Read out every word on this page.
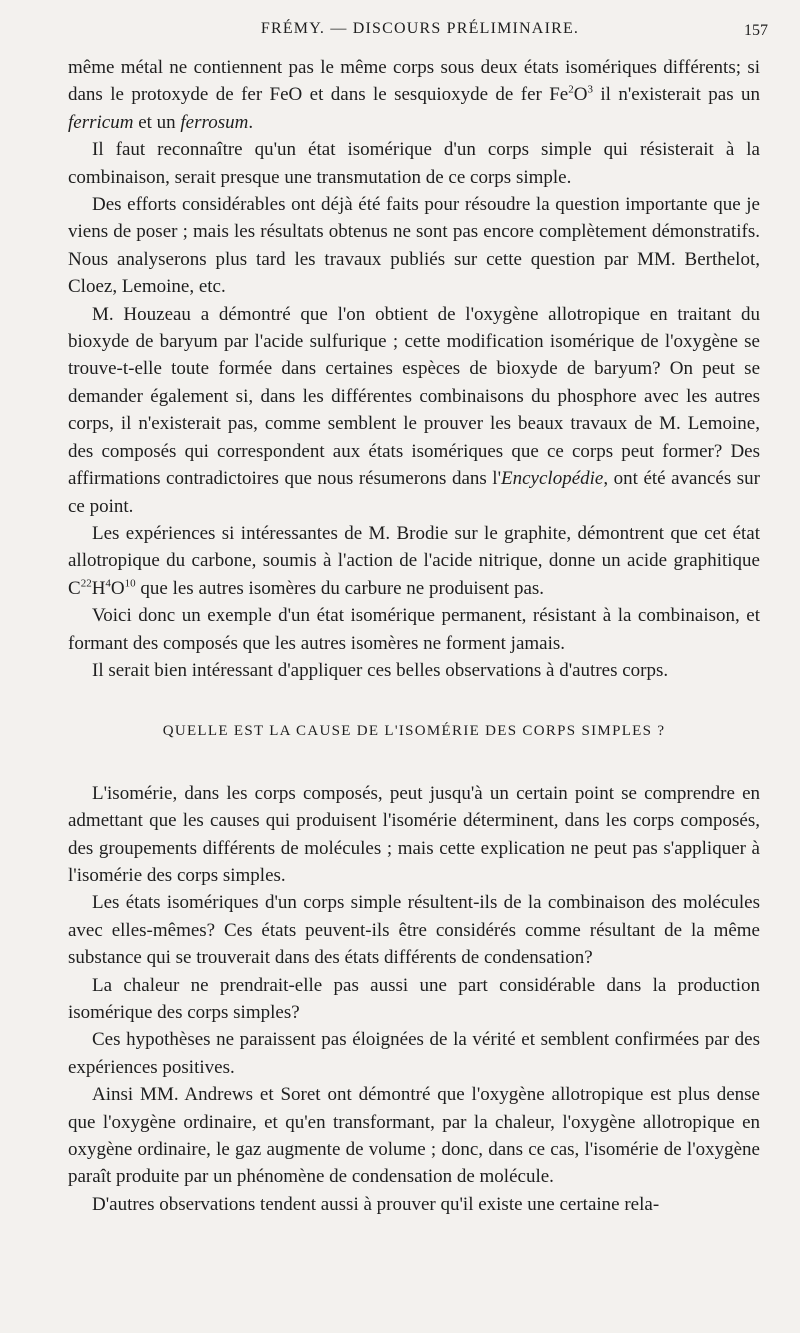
FRÉMY. — DISCOURS PRÉLIMINAIRE.	157

même métal ne contiennent pas le même corps sous deux états isomériques différents; si dans le protoxyde de fer FeO et dans le sesquioxyde de fer $Fe^2O^3$ il n'existerait pas un ferricum et un ferrosum.

Il faut reconnaître qu'un état isomérique d'un corps simple qui résisterait à la combinaison, serait presque une transmutation de ce corps simple.

Des efforts considérables ont déjà été faits pour résoudre la question importante que je viens de poser ; mais les résultats obtenus ne sont pas encore complètement démonstratifs. Nous analyserons plus tard les travaux publiés sur cette question par MM. Berthelot, Cloez, Lemoine, etc.

M. Houzeau a démontré que l'on obtient de l'oxygène allotropique en traitant du bioxyde de baryum par l'acide sulfurique ; cette modification isomérique de l'oxygène se trouve-t-elle toute formée dans certaines espèces de bioxyde de baryum? On peut se demander également si, dans les différentes combinaisons du phosphore avec les autres corps, il n'existerait pas, comme semblent le prouver les beaux travaux de M. Lemoine, des composés qui correspondent aux états isomériques que ce corps peut former? Des affirmations contradictoires que nous résumerons dans l'Encyclopédie, ont été avancés sur ce point.

Les expériences si intéressantes de M. Brodie sur le graphite, démontrent que cet état allotropique du carbone, soumis à l'action de l'acide nitrique, donne un acide graphitique $C^{22}H^4O^{10}$ que les autres isomères du carbure ne produisent pas.

Voici donc un exemple d'un état isomérique permanent, résistant à la combinaison, et formant des composés que les autres isomères ne forment jamais.

Il serait bien intéressant d'appliquer ces belles observations à d'autres corps.

QUELLE EST LA CAUSE DE L'ISOMÉRIE DES CORPS SIMPLES ?

L'isomérie, dans les corps composés, peut jusqu'à un certain point se comprendre en admettant que les causes qui produisent l'isomérie déterminent, dans les corps composés, des groupements différents de molécules ; mais cette explication ne peut pas s'appliquer à l'isomérie des corps simples.

Les états isomériques d'un corps simple résultent-ils de la combinaison des molécules avec elles-mêmes? Ces états peuvent-ils être considérés comme résultant de la même substance qui se trouverait dans des états différents de condensation?

La chaleur ne prendrait-elle pas aussi une part considérable dans la production isomérique des corps simples?

Ces hypothèses ne paraissent pas éloignées de la vérité et semblent confirmées par des expériences positives.

Ainsi MM. Andrews et Soret ont démontré que l'oxygène allotropique est plus dense que l'oxygène ordinaire, et qu'en transformant, par la chaleur, l'oxygène allotropique en oxygène ordinaire, le gaz augmente de volume ; donc, dans ce cas, l'isomérie de l'oxygène paraît produite par un phénomène de condensation de molécule.

D'autres observations tendent aussi à prouver qu'il existe une certaine rela-
